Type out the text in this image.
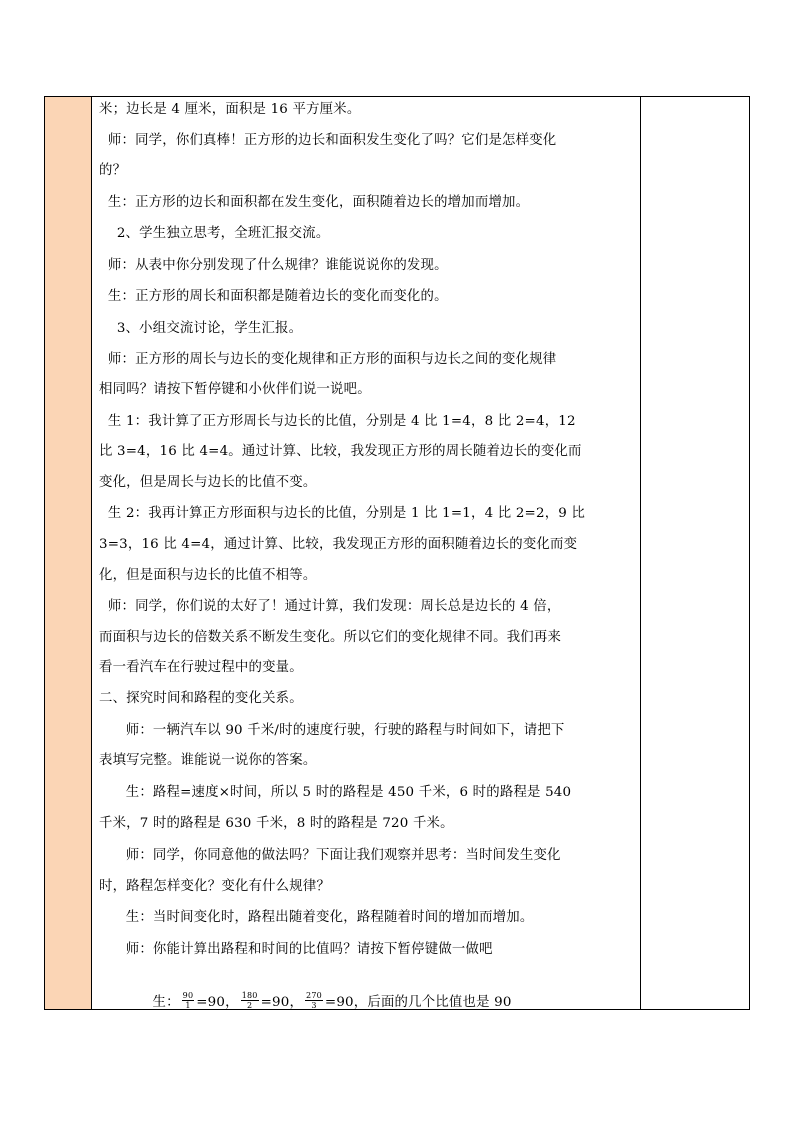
米；边长是 4 厘米，面积是 16 平方厘米。
师：同学，你们真棒！正方形的边长和面积发生变化了吗？它们是怎样变化
的？
生：正方形的边长和面积都在发生变化，面积随着边长的增加而增加。
2、学生独立思考，全班汇报交流。
师：从表中你分别发现了什么规律？谁能说说你的发现。
生：正方形的周长和面积都是随着边长的变化而变化的。
3、小组交流讨论，学生汇报。
师：正方形的周长与边长的变化规律和正方形的面积与边长之间的变化规律
相同吗？请按下暂停键和小伙伴们说一说吧。
生 1：我计算了正方形周长与边长的比值，分别是 4 比 1=4，8 比 2=4，12
比 3=4，16 比 4=4。通过计算、比较，我发现正方形的周长随着边长的变化而
变化，但是周长与边长的比值不变。
生 2：我再计算正方形面积与边长的比值，分别是 1 比 1=1，4 比 2=2，9 比
3=3，16 比 4=4，通过计算、比较，我发现正方形的面积随着边长的变化而变
化，但是面积与边长的比值不相等。
师：同学，你们说的太好了！通过计算，我们发现：周长总是边长的 4 倍，
而面积与边长的倍数关系不断发生变化。所以它们的变化规律不同。我们再来
看一看汽车在行驶过程中的变量。
二、探究时间和路程的变化关系。
师：一辆汽车以 90 千米/时的速度行驶，行驶的路程与时间如下，请把下
表填写完整。谁能说一说你的答案。
生：路程=速度×时间，所以 5 时的路程是 450 千米，6 时的路程是 540
千米，7 时的路程是 630 千米，8 时的路程是 720 千米。
师：同学，你同意他的做法吗？下面让我们观察并思考：当时间发生变化
时，路程怎样变化？变化有什么规律？
生：当时间变化时，路程出随着变化，路程随着时间的增加而增加。
师：你能计算出路程和时间的比值吗？请按下暂停键做一做吧

生： $\frac{90}{1} =90$， $\frac{180}{2} =90$， $\frac{270}{3} =90$，后面的几个比值也是 90
